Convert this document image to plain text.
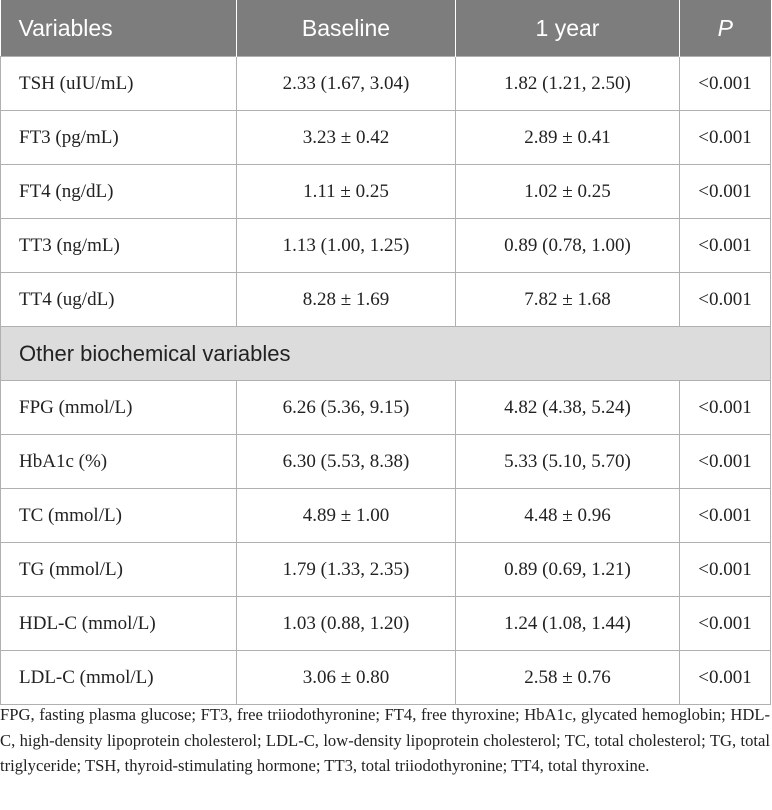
Variables	Baseline	1 year	P
TSH (uIU/mL)	2.33 (1.67, 3.04)	1.82 (1.21, 2.50)	<0.001
FT3 (pg/mL)	3.23 ± 0.42	2.89 ± 0.41	<0.001
FT4 (ng/dL)	1.11 ± 0.25	1.02 ± 0.25	<0.001
TT3 (ng/mL)	1.13 (1.00, 1.25)	0.89 (0.78, 1.00)	<0.001
TT4 (ug/dL)	8.28 ± 1.69	7.82 ± 1.68	<0.001
Other biochemical variables			
FPG (mmol/L)	6.26 (5.36, 9.15)	4.82 (4.38, 5.24)	<0.001
HbA1c (%)	6.30 (5.53, 8.38)	5.33 (5.10, 5.70)	<0.001
TC (mmol/L)	4.89 ± 1.00	4.48 ± 0.96	<0.001
TG (mmol/L)	1.79 (1.33, 2.35)	0.89 (0.69, 1.21)	<0.001
HDL-C (mmol/L)	1.03 (0.88, 1.20)	1.24 (1.08, 1.44)	<0.001
LDL-C (mmol/L)	3.06 ± 0.80	2.58 ± 0.76	<0.001

FPG, fasting plasma glucose; FT3, free triiodothyronine; FT4, free thyroxine; HbA1c, glycated hemoglobin; HDL-C, high-density lipoprotein cholesterol; LDL-C, low-density lipoprotein cholesterol; TC, total cholesterol; TG, total triglyceride; TSH, thyroid-stimulating hormone; TT3, total triiodothyronine; TT4, total thyroxine.
